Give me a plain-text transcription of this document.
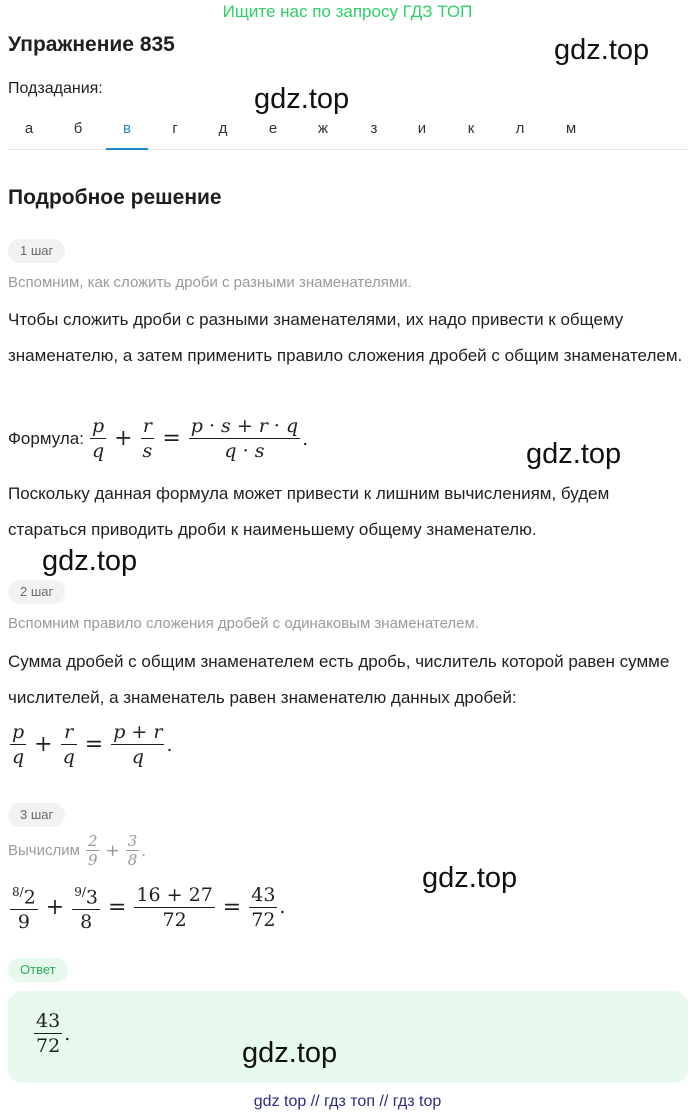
Ищите нас по запросу ГДЗ ТОП
Упражнение 835
Подзадания:
а	б	в	г	д	е	ж	з	и	к	л	м
gdz.top
gdz.top
Подробное решение
1 шаг
Вспомним, как сложить дроби с разными знаменателями.
Чтобы сложить дроби с разными знаменателями, их надо привести к общему знаменателю, а затем применить правило сложения дробей с общим знаменателем.
Формула: $\frac{p}{q} + \frac{r}{s} = \frac{p \cdot s + r \cdot q}{q \cdot s}$ .	gdz.top
Поскольку данная формула может привести к лишним вычислениям, будем стараться приводить дроби к наименьшему общему знаменателю.
gdz.top
2 шаг
Вспомним правило сложения дробей с одинаковым знаменателем.
Сумма дробей с общим знаменателем есть дробь, числитель которой равен сумме числителей, а знаменатель равен знаменателю данных дробей:
$\frac{p}{q} + \frac{r}{q} = \frac{p + r}{q}$ .
3 шаг
Вычислим $\frac{2}{9} + \frac{3}{8}$ .
$\frac{^{8/}2}{9} + \frac{^{9/}3}{8} = \frac{16 + 27}{72} = \frac{43}{72}$ .
gdz.top
Ответ
$\frac{43}{72}$ .
gdz.top
gdz top // гдз топ // гдз top
